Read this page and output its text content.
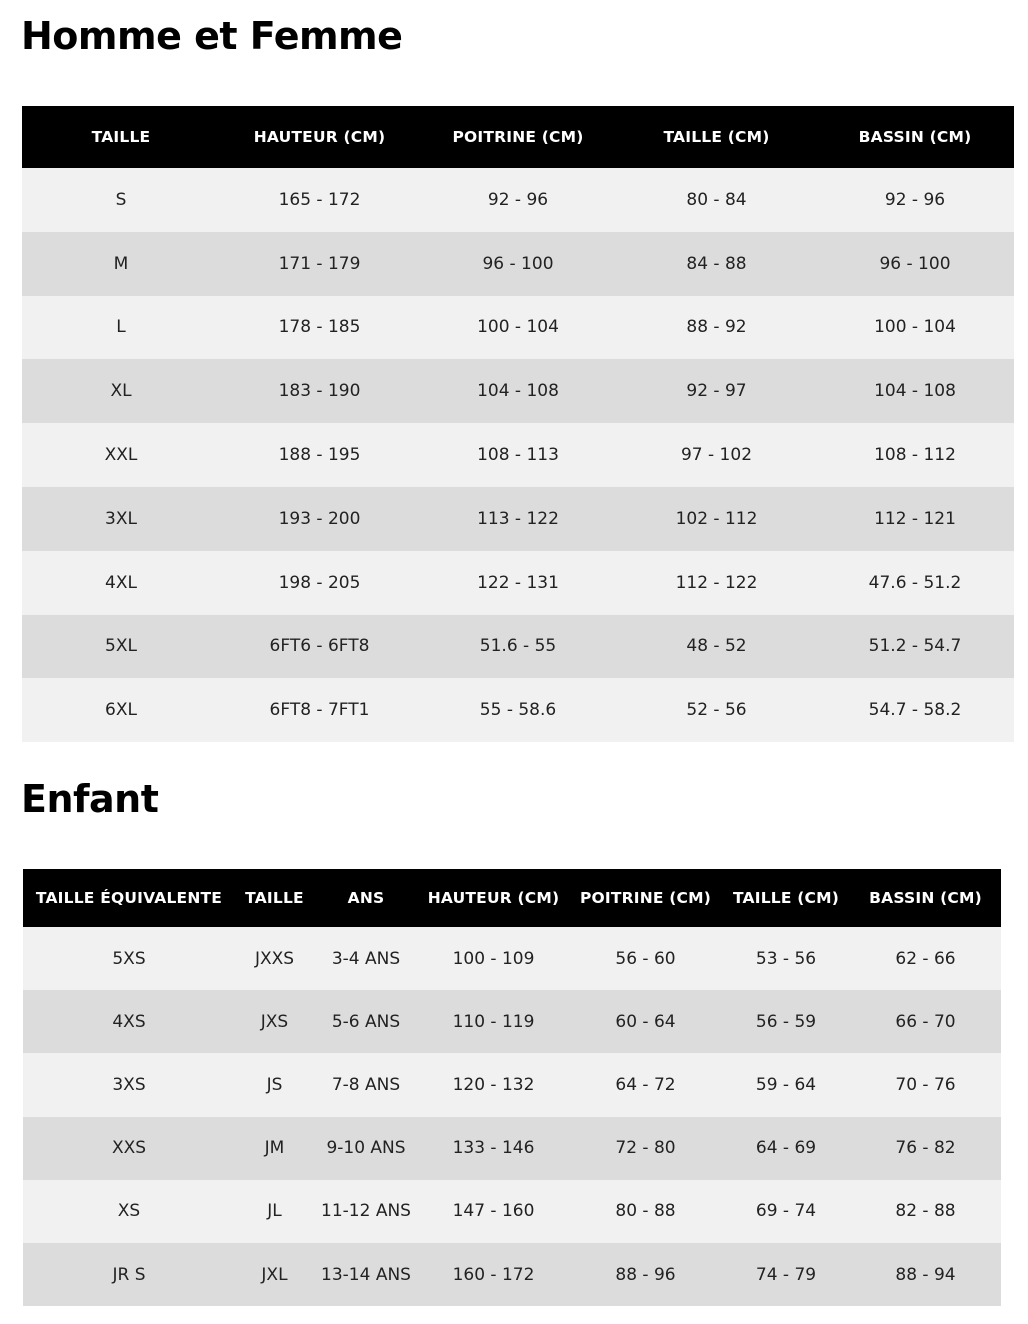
Homme et Femme
TAILLE	HAUTEUR (CM)	POITRINE (CM)	TAILLE (CM)	BASSIN (CM)
S	165 - 172	92 - 96	80 - 84	92 - 96
M	171 - 179	96 - 100	84 - 88	96 - 100
L	178 - 185	100 - 104	88 - 92	100 - 104
XL	183 - 190	104 - 108	92 - 97	104 - 108
XXL	188 - 195	108 - 113	97 - 102	108 - 112
3XL	193 - 200	113 - 122	102 - 112	112 - 121
4XL	198 - 205	122 - 131	112 - 122	47.6 - 51.2
5XL	6FT6 - 6FT8	51.6 - 55	48 - 52	51.2 - 54.7
6XL	6FT8 - 7FT1	55 - 58.6	52 - 56	54.7 - 58.2
Enfant
TAILLE ÉQUIVALENTE	TAILLE	ANS	HAUTEUR (CM)	POITRINE (CM)	TAILLE (CM)	BASSIN (CM)
5XS	JXXS	3-4 ANS	100 - 109	56 - 60	53 - 56	62 - 66
4XS	JXS	5-6 ANS	110 - 119	60 - 64	56 - 59	66 - 70
3XS	JS	7-8 ANS	120 - 132	64 - 72	59 - 64	70 - 76
XXS	JM	9-10 ANS	133 - 146	72 - 80	64 - 69	76 - 82
XS	JL	11-12 ANS	147 - 160	80 - 88	69 - 74	82 - 88
JR S	JXL	13-14 ANS	160 - 172	88 - 96	74 - 79	88 - 94
